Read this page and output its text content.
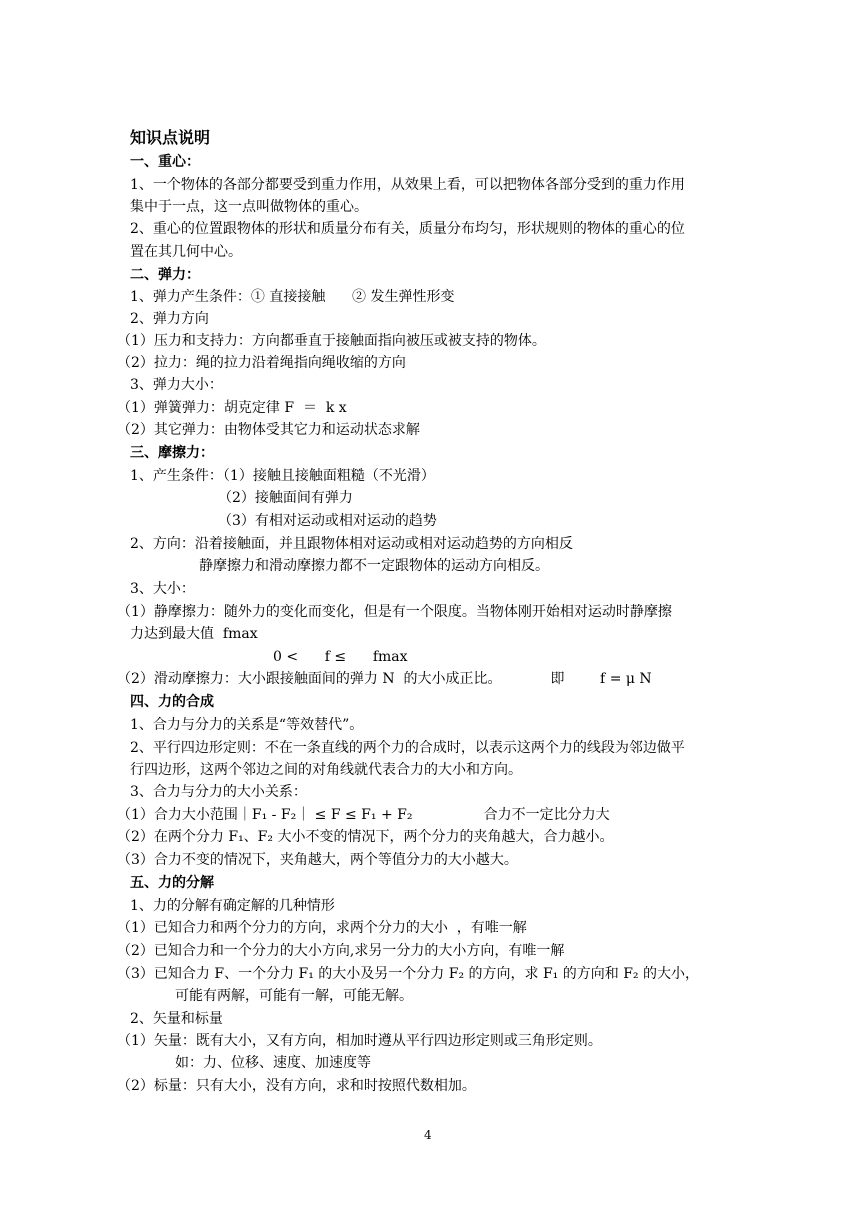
知识点说明
一、重心：
1、一个物体的各部分都要受到重力作用，从效果上看，可以把物体各部分受到的重力作用
集中于一点，这一点叫做物体的重心。
2、重心的位置跟物体的形状和质量分布有关，质量分布均匀，形状规则的物体的重心的位
置在其几何中心。
二、弹力：
1、弹力产生条件：① 直接接触      ② 发生弹性形变
2、弹力方向
（1）压力和支持力：方向都垂直于接触面指向被压或被支持的物体。
（2）拉力：绳的拉力沿着绳指向绳收缩的方向
3、弹力大小：
（1）弹簧弹力：胡克定律 F  ＝  k x
（2）其它弹力：由物体受其它力和运动状态求解
三、摩擦力：
1、产生条件：（1）接触且接触面粗糙（不光滑）
（2）接触面间有弹力
（3）有相对运动或相对运动的趋势
2、方向：沿着接触面，并且跟物体相对运动或相对运动趋势的方向相反
静摩擦力和滑动摩擦力都不一定跟物体的运动方向相反。
3、大小：
（1）静摩擦力：随外力的变化而变化，但是有一个限度。当物体刚开始相对运动时静摩擦
力达到最大值  fmax
0 <      f ≤      fmax
（2）滑动摩擦力：大小跟接触面间的弹力 N  的大小成正比。           即        f = μ N
四、力的合成
1、合力与分力的关系是“等效替代”。
2、平行四边形定则：不在一条直线的两个力的合成时，以表示这两个力的线段为邻边做平
行四边形，这两个邻边之间的对角线就代表合力的大小和方向。
3、合力与分力的大小关系：
（1）合力大小范围｜F₁ - F₂｜ ≤ F ≤ F₁ + F₂                合力不一定比分力大
（2）在两个分力 F₁、F₂ 大小不变的情况下，两个分力的夹角越大，合力越小。
（3）合力不变的情况下，夹角越大，两个等值分力的大小越大。
五、力的分解
1、力的分解有确定解的几种情形
（1）已知合力和两个分力的方向，求两个分力的大小  ，有唯一解
（2）已知合力和一个分力的大小方向,求另一分力的大小方向，有唯一解
（3）已知合力 F、一个分力 F₁ 的大小及另一个分力 F₂ 的方向，求 F₁ 的方向和 F₂ 的大小，
可能有两解，可能有一解，可能无解。
2、矢量和标量
（1）矢量：既有大小，又有方向，相加时遵从平行四边形定则或三角形定则。
如：力、位移、速度、加速度等
（2）标量：只有大小，没有方向，求和时按照代数相加。
4
